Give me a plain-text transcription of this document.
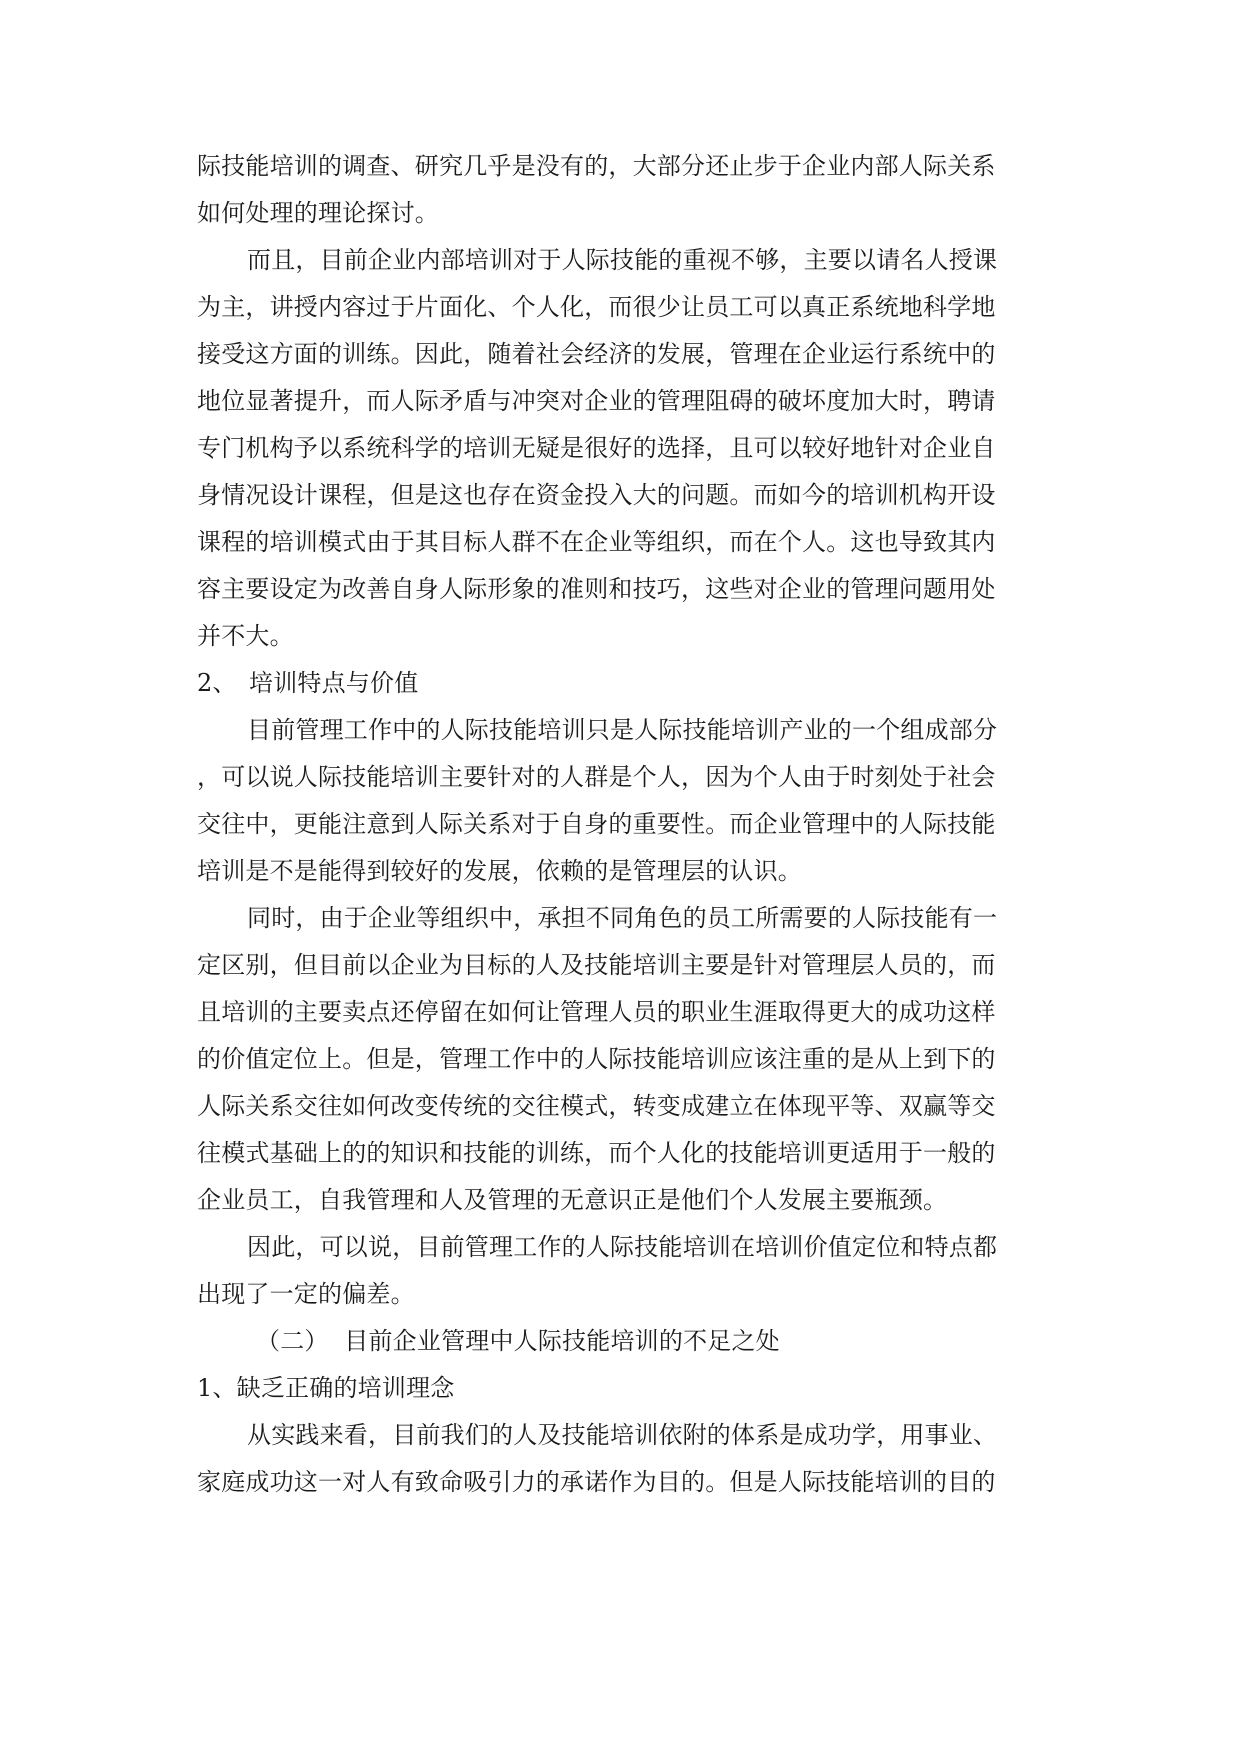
际技能培训的调查、研究几乎是没有的，大部分还止步于企业内部人际关系
如何处理的理论探讨。
而且，目前企业内部培训对于人际技能的重视不够，主要以请名人授课
为主，讲授内容过于片面化、个人化，而很少让员工可以真正系统地科学地
接受这方面的训练。因此，随着社会经济的发展，管理在企业运行系统中的
地位显著提升，而人际矛盾与冲突对企业的管理阻碍的破坏度加大时，聘请
专门机构予以系统科学的培训无疑是很好的选择，且可以较好地针对企业自
身情况设计课程，但是这也存在资金投入大的问题。而如今的培训机构开设
课程的培训模式由于其目标人群不在企业等组织，而在个人。这也导致其内
容主要设定为改善自身人际形象的准则和技巧，这些对企业的管理问题用处
并不大。
2、 培训特点与价值
目前管理工作中的人际技能培训只是人际技能培训产业的一个组成部分
，可以说人际技能培训主要针对的人群是个人，因为个人由于时刻处于社会
交往中，更能注意到人际关系对于自身的重要性。而企业管理中的人际技能
培训是不是能得到较好的发展，依赖的是管理层的认识。
同时，由于企业等组织中，承担不同角色的员工所需要的人际技能有一
定区别，但目前以企业为目标的人及技能培训主要是针对管理层人员的，而
且培训的主要卖点还停留在如何让管理人员的职业生涯取得更大的成功这样
的价值定位上。但是，管理工作中的人际技能培训应该注重的是从上到下的
人际关系交往如何改变传统的交往模式，转变成建立在体现平等、双赢等交
往模式基础上的的知识和技能的训练，而个人化的技能培训更适用于一般的
企业员工，自我管理和人及管理的无意识正是他们个人发展主要瓶颈。
因此，可以说，目前管理工作的人际技能培训在培训价值定位和特点都
出现了一定的偏差。
（二） 目前企业管理中人际技能培训的不足之处
1、缺乏正确的培训理念
从实践来看，目前我们的人及技能培训依附的体系是成功学，用事业、
家庭成功这一对人有致命吸引力的承诺作为目的。但是人际技能培训的目的
